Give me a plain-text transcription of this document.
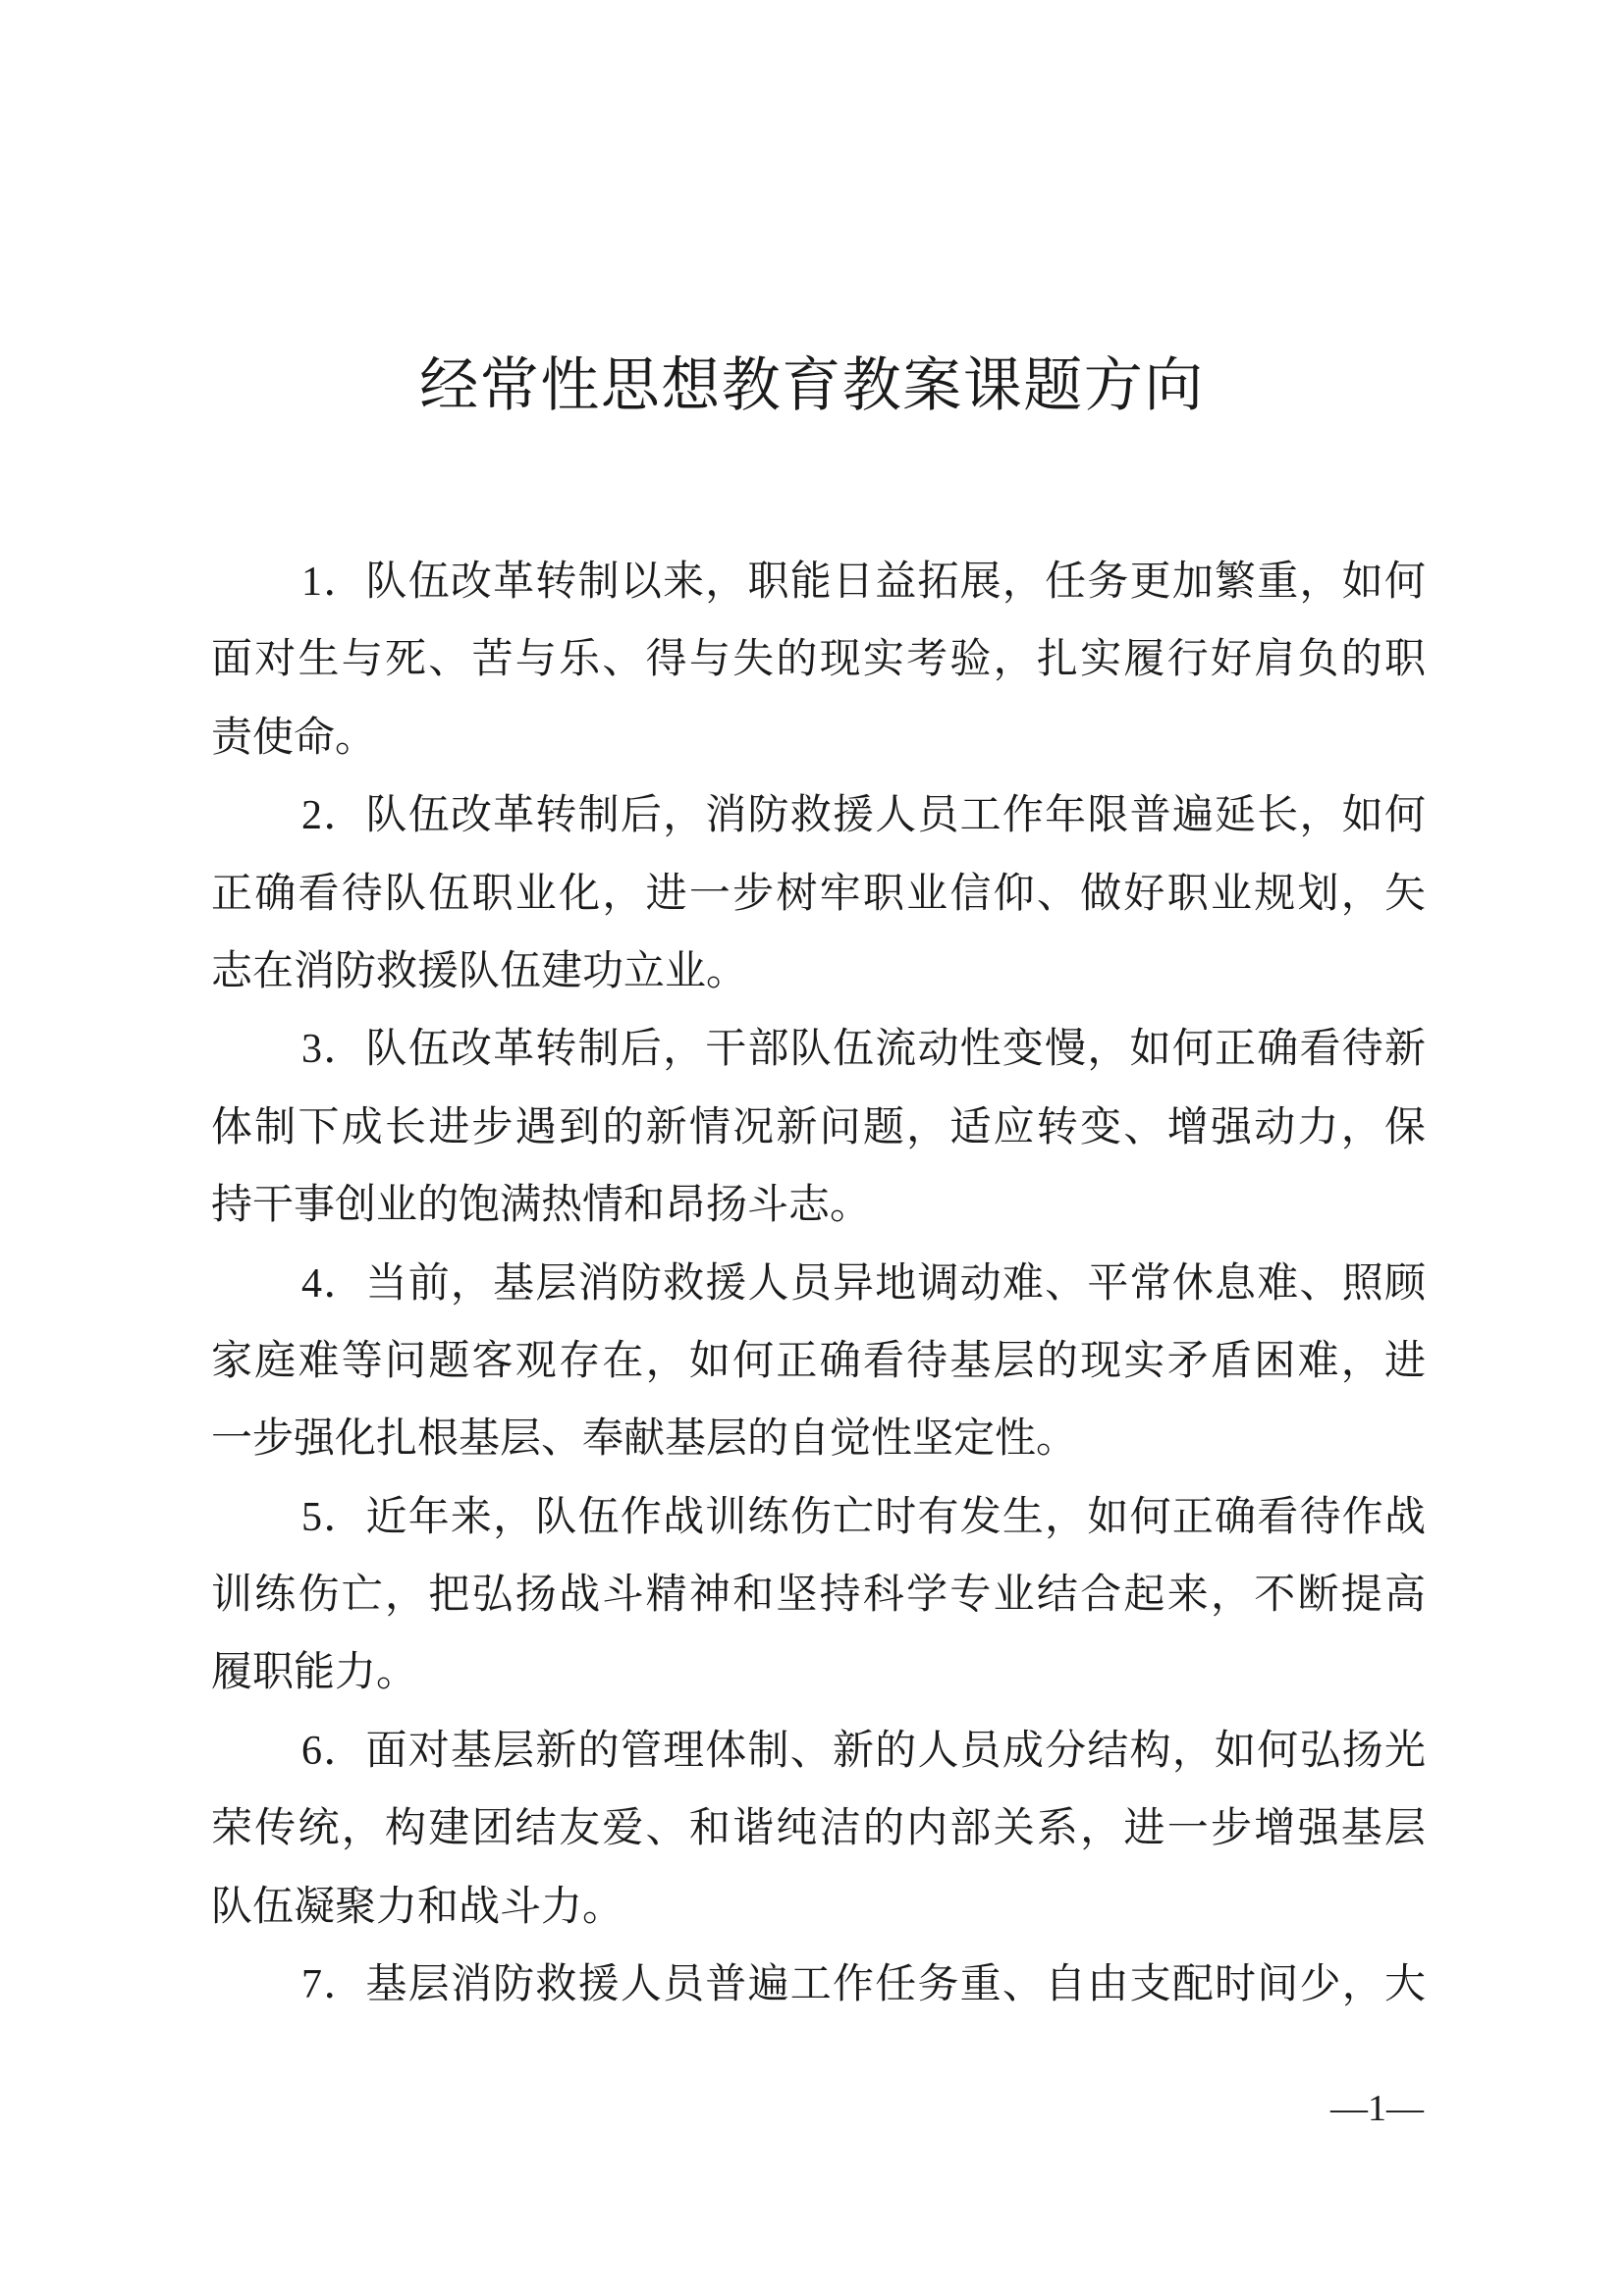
经常性思想教育教案课题方向
1．队伍改革转制以来，职能日益拓展，任务更加繁重，如何
面对生与死、苦与乐、得与失的现实考验，扎实履行好肩负的职
责使命。
2．队伍改革转制后，消防救援人员工作年限普遍延长，如何
正确看待队伍职业化，进一步树牢职业信仰、做好职业规划，矢
志在消防救援队伍建功立业。
3．队伍改革转制后，干部队伍流动性变慢，如何正确看待新
体制下成长进步遇到的新情况新问题，适应转变、增强动力，保
持干事创业的饱满热情和昂扬斗志。
4．当前，基层消防救援人员异地调动难、平常休息难、照顾
家庭难等问题客观存在，如何正确看待基层的现实矛盾困难，进
一步强化扎根基层、奉献基层的自觉性坚定性。
5．近年来，队伍作战训练伤亡时有发生，如何正确看待作战
训练伤亡，把弘扬战斗精神和坚持科学专业结合起来，不断提高
履职能力。
6．面对基层新的管理体制、新的人员成分结构，如何弘扬光
荣传统，构建团结友爱、和谐纯洁的内部关系，进一步增强基层
队伍凝聚力和战斗力。
7．基层消防救援人员普遍工作任务重、自由支配时间少，大
—1—
